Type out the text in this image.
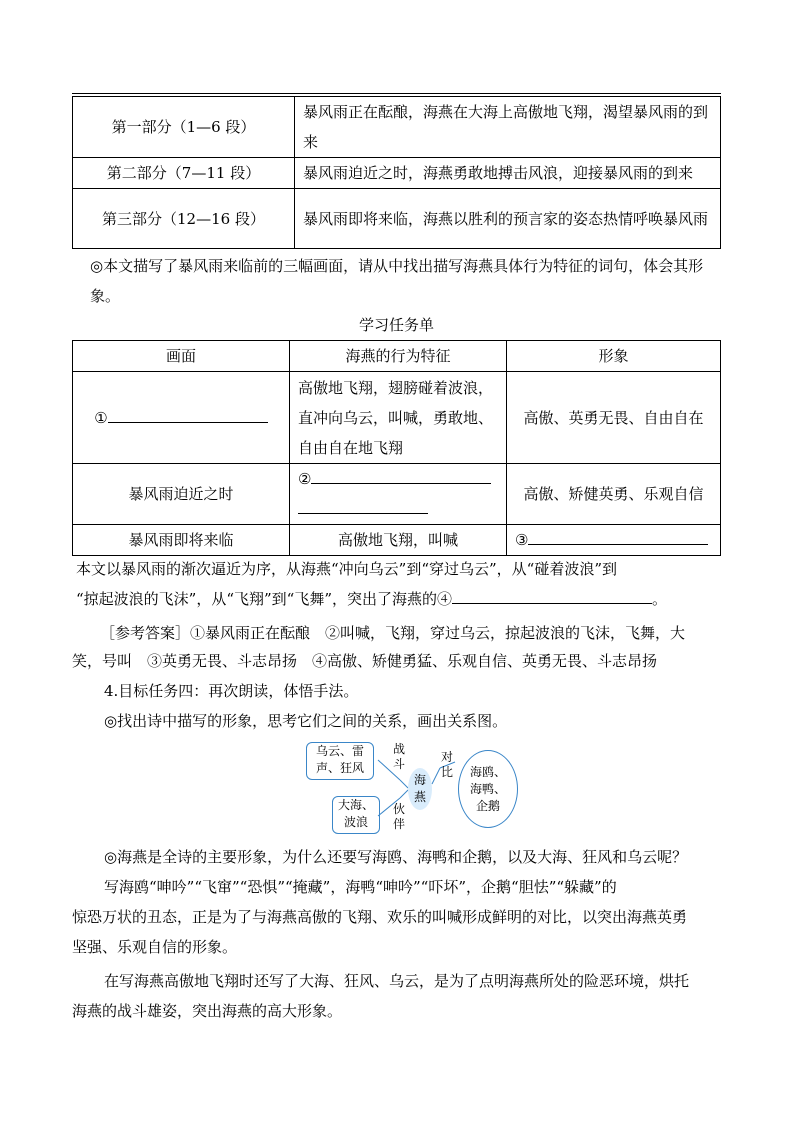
第一部分（1—6 段）	暴风雨正在酝酿，海燕在大海上高傲地飞翔，渴望暴风雨的到来
第二部分（7—11 段）	暴风雨迫近之时，海燕勇敢地搏击风浪，迎接暴风雨的到来
第三部分（12—16 段）	暴风雨即将来临，海燕以胜利的预言家的姿态热情呼唤暴风雨
◎本文描写了暴风雨来临前的三幅画面，请从中找出描写海燕具体行为特征的词句，体会其形象。
学习任务单
画面	海燕的行为特征	形象
①	高傲地飞翔，翅膀碰着波浪，直冲向乌云，叫喊，勇敢地、自由自在地飞翔	高傲、英勇无畏、自由自在
暴风雨迫近之时	②	高傲、矫健英勇、乐观自信
暴风雨即将来临	高傲地飞翔，叫喊	③
本文以暴风雨的渐次逼近为序，从海燕“冲向乌云”到“穿过乌云”，从“碰着波浪”到
“掠起波浪的飞沫”，从“飞翔”到“飞舞”，突出了海燕的④	。
［参考答案］①暴风雨正在酝酿　②叫喊，飞翔，穿过乌云，掠起波浪的飞沫，飞舞，大
笑，号叫　③英勇无畏、斗志昂扬　④高傲、矫健勇猛、乐观自信、英勇无畏、斗志昂扬
4.目标任务四：再次朗读，体悟手法。
◎找出诗中描写的形象，思考它们之间的关系，画出关系图。
乌云、雷
声、狂风
战
斗
大海、
波浪
伙
伴
海
燕
对
比	海鸥、
海鸭、
企鹅
◎海燕是全诗的主要形象，为什么还要写海鸥、海鸭和企鹅，以及大海、狂风和乌云呢？
写海鸥“呻吟”“飞窜”“恐惧”“掩藏”，海鸭“呻吟”“吓坏”，企鹅“胆怯”“躲藏”的
惊恐万状的丑态，正是为了与海燕高傲的飞翔、欢乐的叫喊形成鲜明的对比，以突出海燕英勇
坚强、乐观自信的形象。
在写海燕高傲地飞翔时还写了大海、狂风、乌云，是为了点明海燕所处的险恶环境，烘托
海燕的战斗雄姿，突出海燕的高大形象。
